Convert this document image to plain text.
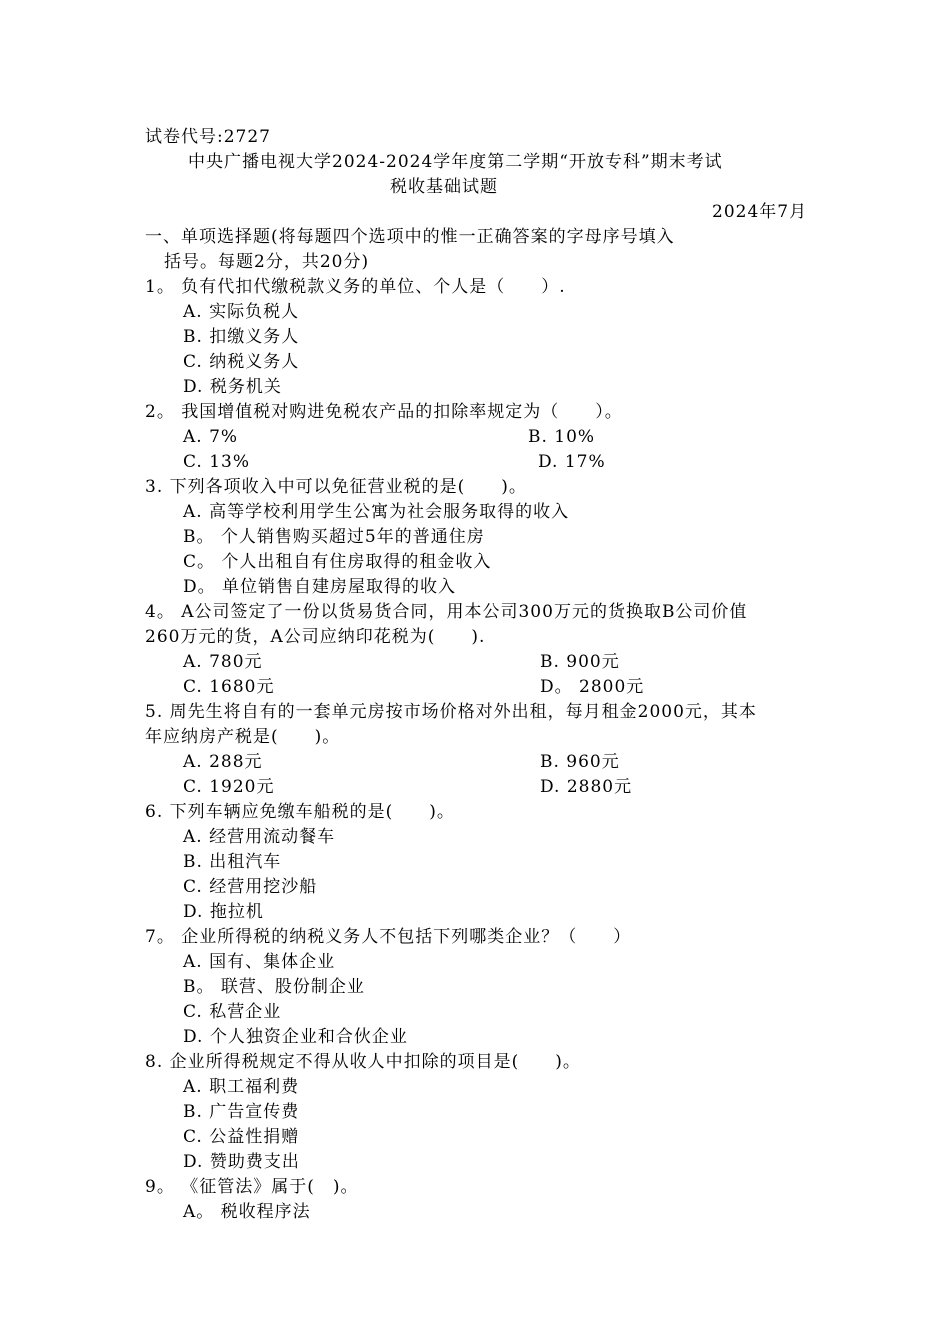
试卷代号:2727
中央广播电视大学2024-2024学年度第二学期“开放专科”期末考试
税收基础试题
2024年7月
一、单项选择题(将每题四个选项中的惟一正确答案的字母序号填入
括号。每题2分，共20分)
1。 负有代扣代缴税款义务的单位、个人是（　　）.
A. 实际负税人
B. 扣缴义务人
C. 纳税义务人
D. 税务机关
2。 我国增值税对购进免税农产品的扣除率规定为（　　）。
A. 7%	B. 10%
C. 13%	D. 17%
3. 下列各项收入中可以免征营业税的是(　　)。
A. 高等学校利用学生公寓为社会服务取得的收入
B。 个人销售购买超过5年的普通住房
C。 个人出租自有住房取得的租金收入
D。 单位销售自建房屋取得的收入
4。 A公司签定了一份以货易货合同，用本公司300万元的货换取B公司价值
260万元的货，A公司应纳印花税为(　　).
A. 780元	B. 900元
C. 1680元	D。 2800元
5. 周先生将自有的一套单元房按市场价格对外出租，每月租金2000元，其本
年应纳房产税是(　　)。
A. 288元	B. 960元
C. 1920元	D. 2880元
6. 下列车辆应免缴车船税的是(　　)。
A. 经营用流动餐车
B. 出租汽车
C. 经营用挖沙船
D. 拖拉机
7。 企业所得税的纳税义务人不包括下列哪类企业？（　　）
A. 国有、集体企业
B。 联营、股份制企业
C. 私营企业
D. 个人独资企业和合伙企业
8. 企业所得税规定不得从收人中扣除的项目是(　　)。
A. 职工福利费
B. 广告宣传费
C. 公益性捐赠
D. 赞助费支出
9。 《征管法》属于(　)。
A。 税收程序法
